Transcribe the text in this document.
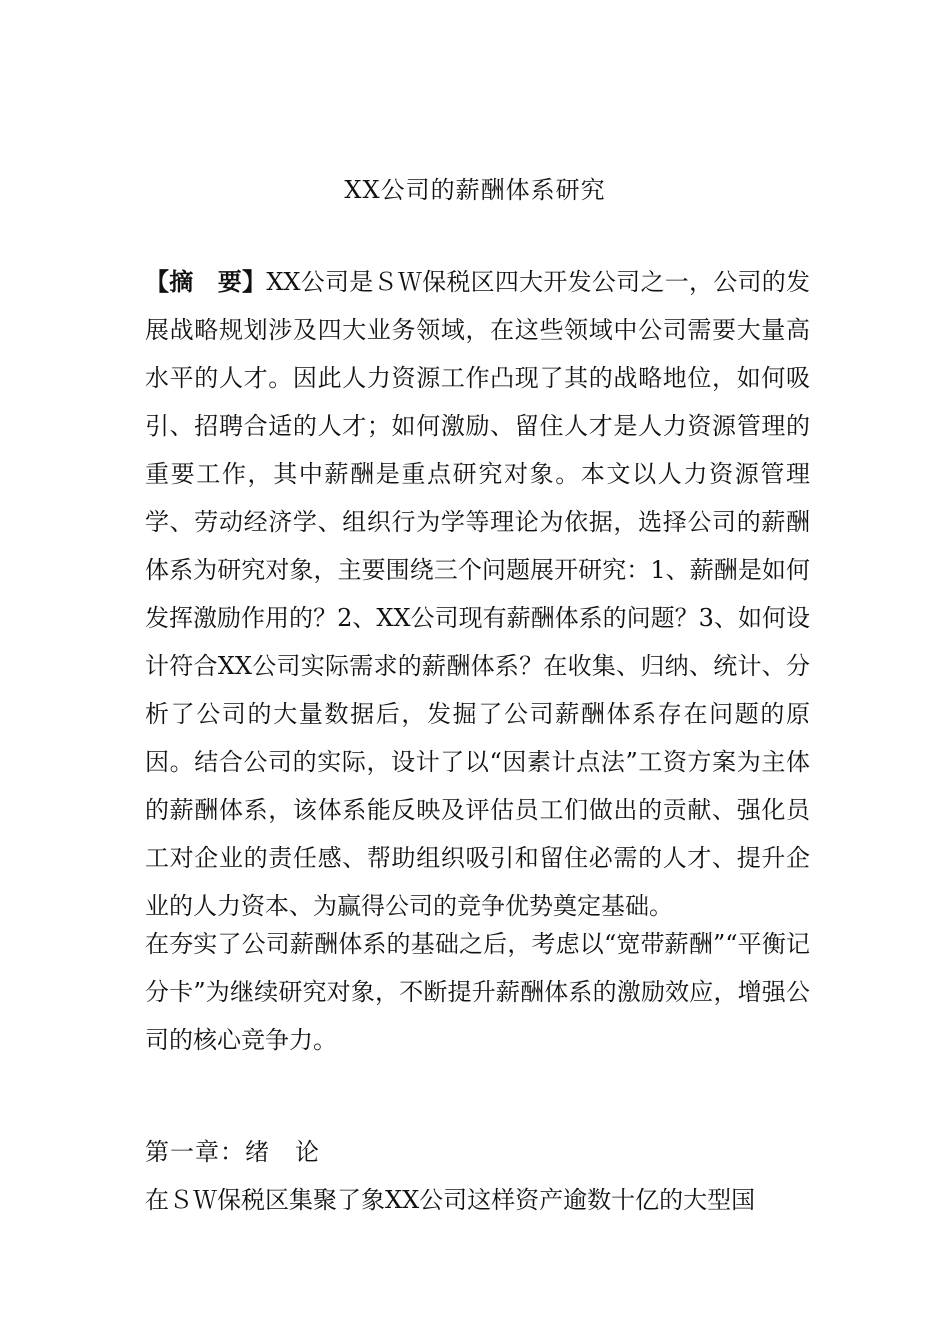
XX公司的薪酬体系研究

【摘　要】XX公司是ＳＷ保税区四大开发公司之一，公司的发展战略规划涉及四大业务领域，在这些领域中公司需要大量高水平的人才。因此人力资源工作凸现了其的战略地位，如何吸引、招聘合适的人才；如何激励、留住人才是人力资源管理的重要工作，其中薪酬是重点研究对象。本文以人力资源管理学、劳动经济学、组织行为学等理论为依据，选择公司的薪酬体系为研究对象，主要围绕三个问题展开研究：1、薪酬是如何发挥激励作用的？2、XX公司现有薪酬体系的问题？3、如何设计符合XX公司实际需求的薪酬体系？在收集、归纳、统计、分析了公司的大量数据后，发掘了公司薪酬体系存在问题的原因。结合公司的实际，设计了以“因素计点法”工资方案为主体的薪酬体系，该体系能反映及评估员工们做出的贡献、强化员工对企业的责任感、帮助组织吸引和留住必需的人才、提升企业的人力资本、为赢得公司的竞争优势奠定基础。

在夯实了公司薪酬体系的基础之后，考虑以“宽带薪酬”“平衡记分卡”为继续研究对象，不断提升薪酬体系的激励效应，增强公司的核心竞争力。

第一章：绪　论

在ＳＷ保税区集聚了象XX公司这样资产逾数十亿的大型国
